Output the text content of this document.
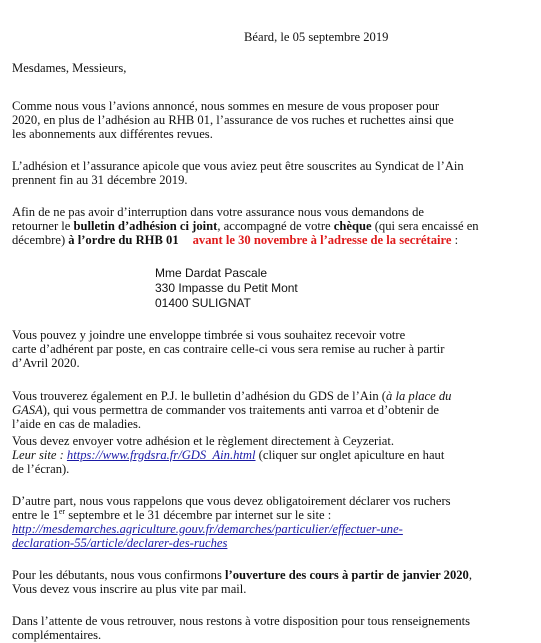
Béard, le 05 septembre 2019
Mesdames, Messieurs,
Comme nous vous l’avions annoncé, nous sommes en mesure de vous proposer pour
2020, en plus de l’adhésion au RHB 01, l’assurance de vos ruches et ruchettes ainsi que
les abonnements aux différentes revues.
L’adhésion et l’assurance apicole que vous aviez peut être souscrites au Syndicat de l’Ain
prennent fin au 31 décembre 2019.
Afin de ne pas avoir d’interruption dans votre assurance nous vous demandons de
retourner le bulletin d’adhésion ci joint, accompagné de votre chèque (qui sera encaissé en
décembre) à l’ordre du RHB 01 avant le 30 novembre à l’adresse de la secrétaire :
Mme Dardat Pascale
330 Impasse du Petit Mont
01400 SULIGNAT
Vous pouvez y joindre une enveloppe timbrée si vous souhaitez recevoir votre
carte d’adhérent par poste, en cas contraire celle-ci vous sera remise au rucher à partir
d’Avril 2020.
Vous trouverez également en P.J. le bulletin d’adhésion du GDS de l’Ain (à la place du
GASA), qui vous permettra de commander vos traitements anti varroa et d’obtenir de
l’aide en cas de maladies.
Vous devez envoyer votre adhésion et le règlement directement à Ceyzeriat.
Leur site : https://www.frgdsra.fr/GDS_Ain.html (cliquer sur onglet apiculture en haut
de l’écran).
D’autre part, nous vous rappelons que vous devez obligatoirement déclarer vos ruchers
entre le 1er septembre et le 31 décembre par internet sur le site :
http://mesdemarches.agriculture.gouv.fr/demarches/particulier/effectuer-une-
declaration-55/article/declarer-des-ruches
Pour les débutants, nous vous confirmons l’ouverture des cours à partir de janvier 2020,
Vous devez vous inscrire au plus vite par mail.
Dans l’attente de vous retrouver, nous restons à votre disposition pour tous renseignements
complémentaires.
